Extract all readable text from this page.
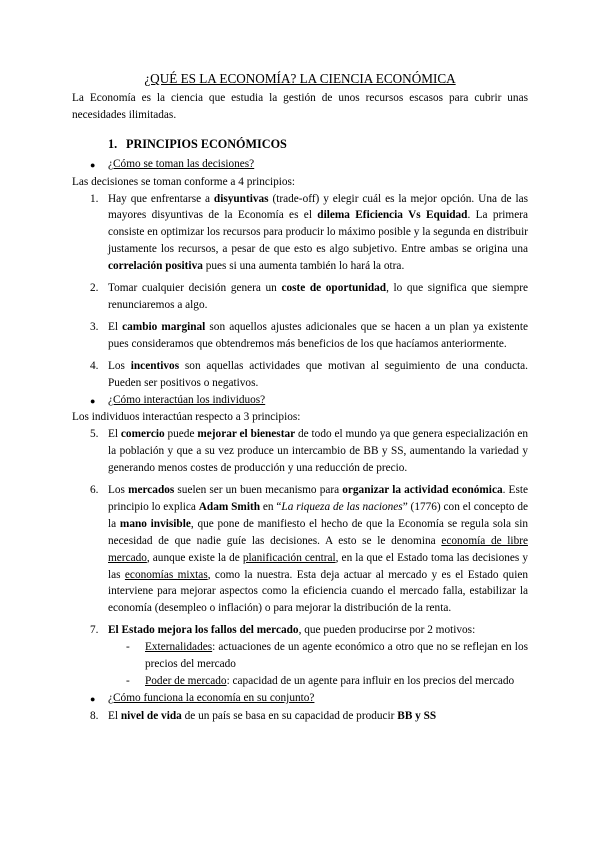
¿QUÉ ES LA ECONOMÍA? LA CIENCIA ECONÓMICA

La Economía es la ciencia que estudia la gestión de unos recursos escasos para cubrir unas necesidades ilimitadas.

1. PRINCIPIOS ECONÓMICOS
●	¿Cómo se toman las decisiones?

Las decisiones se toman conforme a 4 principios:

1. Hay que enfrentarse a disyuntivas (trade-off) y elegir cuál es la mejor opción. Una de las mayores disyuntivas de la Economía es el dilema Eficiencia Vs Equidad. La primera consiste en optimizar los recursos para producir lo máximo posible y la segunda en distribuir justamente los recursos, a pesar de que esto es algo subjetivo. Entre ambas se origina una correlación positiva pues si una aumenta también lo hará la otra.
2. Tomar cualquier decisión genera un coste de oportunidad, lo que significa que siempre renunciaremos a algo.
3. El cambio marginal son aquellos ajustes adicionales que se hacen a un plan ya existente pues consideramos que obtendremos más beneficios de los que hacíamos anteriormente.
4. Los incentivos son aquellas actividades que motivan al seguimiento de una conducta. Pueden ser positivos o negativos.
●	¿Cómo interactúan los individuos?

Los individuos interactúan respecto a 3 principios:

5. El comercio puede mejorar el bienestar de todo el mundo ya que genera especialización en la población y que a su vez produce un intercambio de BB y SS, aumentando la variedad y generando menos costes de producción y una reducción de precio.
6. Los mercados suelen ser un buen mecanismo para organizar la actividad económica. Este principio lo explica Adam Smith en “La riqueza de las naciones” (1776) con el concepto de la mano invisible, que pone de manifiesto el hecho de que la Economía se regula sola sin necesidad de que nadie guíe las decisiones. A esto se le denomina economía de libre mercado, aunque existe la de planificación central, en la que el Estado toma las decisiones y las economías mixtas, como la nuestra. Esta deja actuar al mercado y es el Estado quien interviene para mejorar aspectos como la eficiencia cuando el mercado falla, estabilizar la economía (desempleo o inflación) o para mejorar la distribución de la renta.
7. El Estado mejora los fallos del mercado, que pueden producirse por 2 motivos:
-	Externalidades: actuaciones de un agente económico a otro que no se reflejan en los precios del mercado
-	Poder de mercado: capacidad de un agente para influir en los precios del mercado
●	¿Cómo funciona la economía en su conjunto?
8. El nivel de vida de un país se basa en su capacidad de producir BB y SS
